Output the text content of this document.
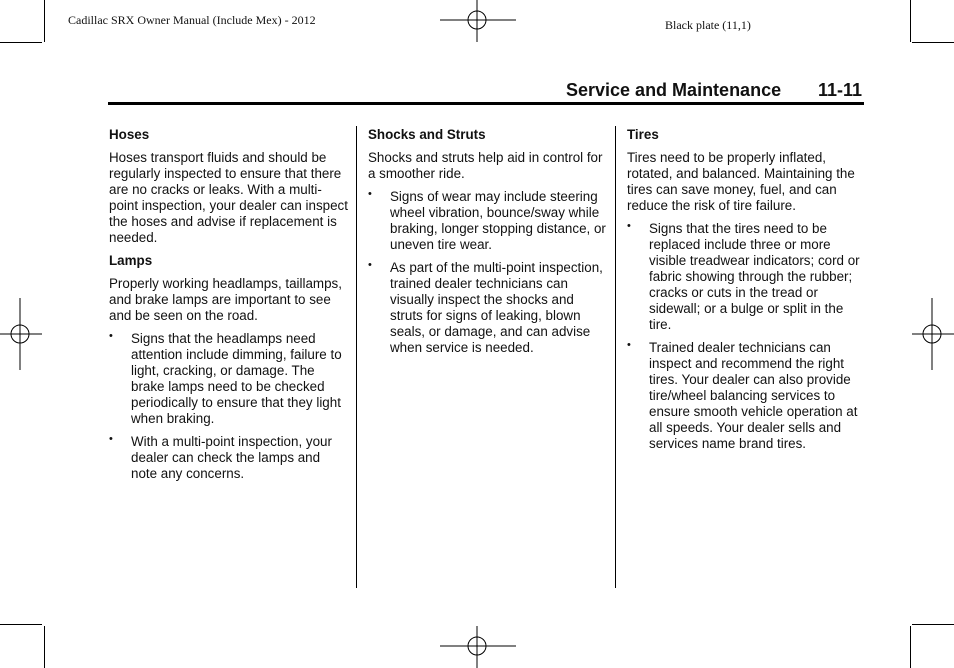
Cadillac SRX Owner Manual (Include Mex) - 2012	Black plate (11,1)
Service and Maintenance 11-11
Hoses

Hoses transport fluids and should be regularly inspected to ensure that there are no cracks or leaks. With a multi-point inspection, your dealer can inspect the hoses and advise if replacement is needed.

Lamps

Properly working headlamps, taillamps, and brake lamps are important to see and be seen on the road.

• Signs that the headlamps need attention include dimming, failure to light, cracking, or damage. The brake lamps need to be checked periodically to ensure that they light when braking.
• With a multi-point inspection, your dealer can check the lamps and note any concerns.
Shocks and Struts

Shocks and struts help aid in control for a smoother ride.

• Signs of wear may include steering wheel vibration, bounce/sway while braking, longer stopping distance, or uneven tire wear.
• As part of the multi-point inspection, trained dealer technicians can visually inspect the shocks and struts for signs of leaking, blown seals, or damage, and can advise when service is needed.
Tires

Tires need to be properly inflated, rotated, and balanced. Maintaining the tires can save money, fuel, and can reduce the risk of tire failure.

• Signs that the tires need to be replaced include three or more visible treadwear indicators; cord or fabric showing through the rubber; cracks or cuts in the tread or sidewall; or a bulge or split in the tire.
• Trained dealer technicians can inspect and recommend the right tires. Your dealer can also provide tire/wheel balancing services to ensure smooth vehicle operation at all speeds. Your dealer sells and services name brand tires.
